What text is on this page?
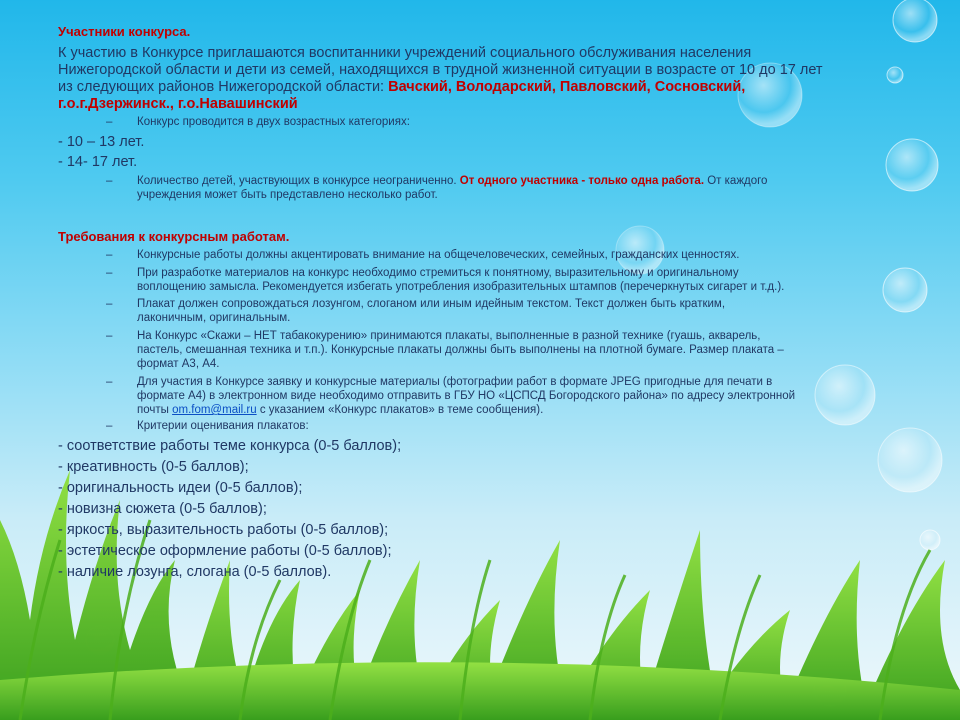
Участники конкурса.
К участию в Конкурсе приглашаются воспитанники учреждений социального обслуживания населения
Нижегородской области и дети из семей, находящихся в трудной жизненной ситуации в возрасте от 10 до 17 лет
из следующих районов Нижегородской области: Вачский, Володарский, Павловский, Сосновский,
г.о.г.Дзержинск., г.о.Навашинский
– Конкурс проводится в двух возрастных категориях:
- 10 – 13 лет.
- 14- 17 лет.
– Количество детей, участвующих в конкурсе неограниченно. От одного участника - только одна работа. От каждого
учреждения может быть представлено несколько работ.
Требования к конкурсным работам.
– Конкурсные работы должны акцентировать внимание на общечеловеческих, семейных, гражданских ценностях.
– При разработке материалов на конкурс необходимо стремиться к понятному, выразительному и оригинальному
воплощению замысла. Рекомендуется избегать употребления изобразительных штампов (перечеркнутых сигарет и т.д.).
– Плакат должен сопровождаться лозунгом, слоганом или иным идейным текстом. Текст должен быть кратким,
лаконичным, оригинальным.
– На Конкурс «Скажи – НЕТ табакокурению» принимаются плакаты, выполненные в разной технике (гуашь, акварель,
пастель, смешанная техника и т.п.). Конкурсные плакаты должны быть выполнены на плотной бумаге. Размер плаката –
формат А3, А4.
– Для участия в Конкурсе заявку и конкурсные материалы (фотографии работ в формате JPEG пригодные для печати в
формате А4) в электронном виде необходимо отправить в ГБУ НО «ЦСПСД Богородского района» по адресу электронной
почты om.fom@mail.ru с указанием «Конкурс плакатов» в теме сообщения).
– Критерии оценивания плакатов:
- соответствие работы теме конкурса (0-5 баллов);
- креативность (0-5 баллов);
- оригинальность идеи (0-5 баллов);
- новизна сюжета (0-5 баллов);
- яркость, выразительность работы (0-5 баллов);
- эстетическое оформление работы (0-5 баллов);
- наличие лозунга, слогана (0-5 баллов).
